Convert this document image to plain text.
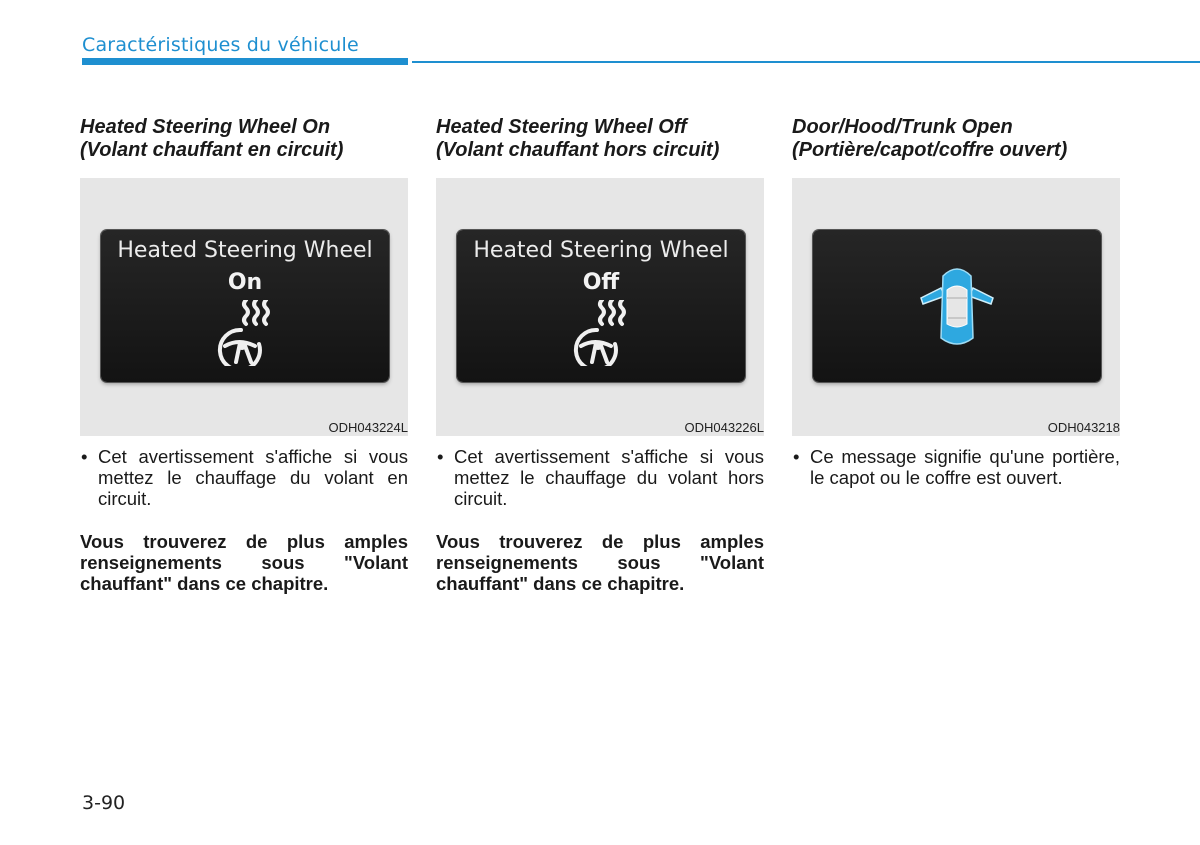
Caractéristiques du véhicule
Heated Steering Wheel On
(Volant chauffant en circuit)
Heated Steering Wheel
On
ODH043224L

• Cet avertissement s'affiche si vous mettez le chauffage du volant en circuit.

Vous trouverez de plus amples renseignements sous "Volant chauffant" dans ce chapitre.
Heated Steering Wheel Off
(Volant chauffant hors circuit)
Heated Steering Wheel
Off
ODH043226L

• Cet avertissement s'affiche si vous mettez le chauffage du volant hors circuit.

Vous trouverez de plus amples renseignements sous "Volant chauffant" dans ce chapitre.
Door/Hood/Trunk Open
(Portière/capot/coffre ouvert)
ODH043218

• Ce message signifie qu'une portière, le capot ou le coffre est ouvert.

3-90
